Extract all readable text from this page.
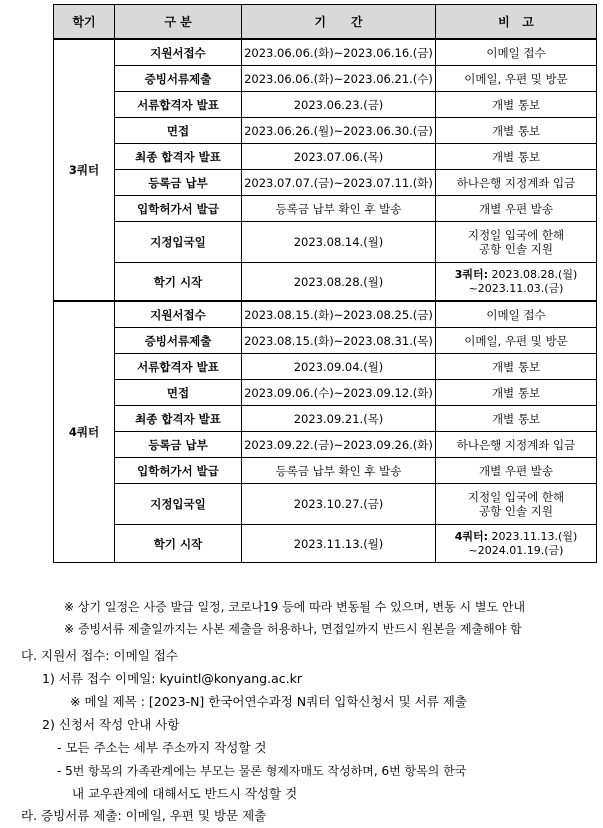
학기	구 분	기      간	비   고
3쿼터	지원서접수	2023.06.06.(화)~2023.06.16.(금)	이메일 접수
	증빙서류제출	2023.06.06.(화)~2023.06.21.(수)	이메일, 우편 및 방문
	서류합격자 발표	2023.06.23.(금)	개별 통보
	면접	2023.06.26.(월)~2023.06.30.(금)	개별 통보
	최종 합격자 발표	2023.07.06.(목)	개별 통보
	등록금 납부	2023.07.07.(금)~2023.07.11.(화)	하나은행 지정계좌 입금
	입학허가서 발급	등록금 납부 확인 후 발송	개별 우편 발송
	지정입국일	2023.08.14.(월)	지정일 입국에 한해
공항 인솔 지원
	학기 시작	2023.08.28.(월)	3쿼터: 2023.08.28.(월)
~2023.11.03.(금)
4쿼터	지원서접수	2023.08.15.(화)~2023.08.25.(금)	이메일 접수
	증빙서류제출	2023.08.15.(화)~2023.08.31.(목)	이메일, 우편 및 방문
	서류합격자 발표	2023.09.04.(월)	개별 통보
	면접	2023.09.06.(수)~2023.09.12.(화)	개별 통보
	최종 합격자 발표	2023.09.21.(목)	개별 통보
	등록금 납부	2023.09.22.(금)~2023.09.26.(화)	하나은행 지정계좌 입금
	입학허가서 발급	등록금 납부 확인 후 발송	개별 우편 발송
	지정입국일	2023.10.27.(금)	지정일 입국에 한해
공항 인솔 지원
	학기 시작	2023.11.13.(월)	4쿼터: 2023.11.13.(월)
~2024.01.19.(금)
※ 상기 일정은 사증 발급 일정, 코로나19 등에 따라 변동될 수 있으며, 변동 시 별도 안내
※ 증빙서류 제출일까지는 사본 제출을 허용하나, 면접일까지 반드시 원본을 제출해야 함
다. 지원서 접수: 이메일 접수
1) 서류 접수 이메일: kyuintl@konyang.ac.kr
※ 메일 제목 : [2023-N] 한국어연수과정 N쿼터 입학신청서 및 서류 제출
2) 신청서 작성 안내 사항
- 모든 주소는 세부 주소까지 작성할 것
- 5번 항목의 가족관계에는 부모는 물론 형제자매도 작성하며, 6번 항목의 한국
내 교우관계에 대해서도 반드시 작성할 것
라. 증빙서류 제출: 이메일, 우편 및 방문 제출
